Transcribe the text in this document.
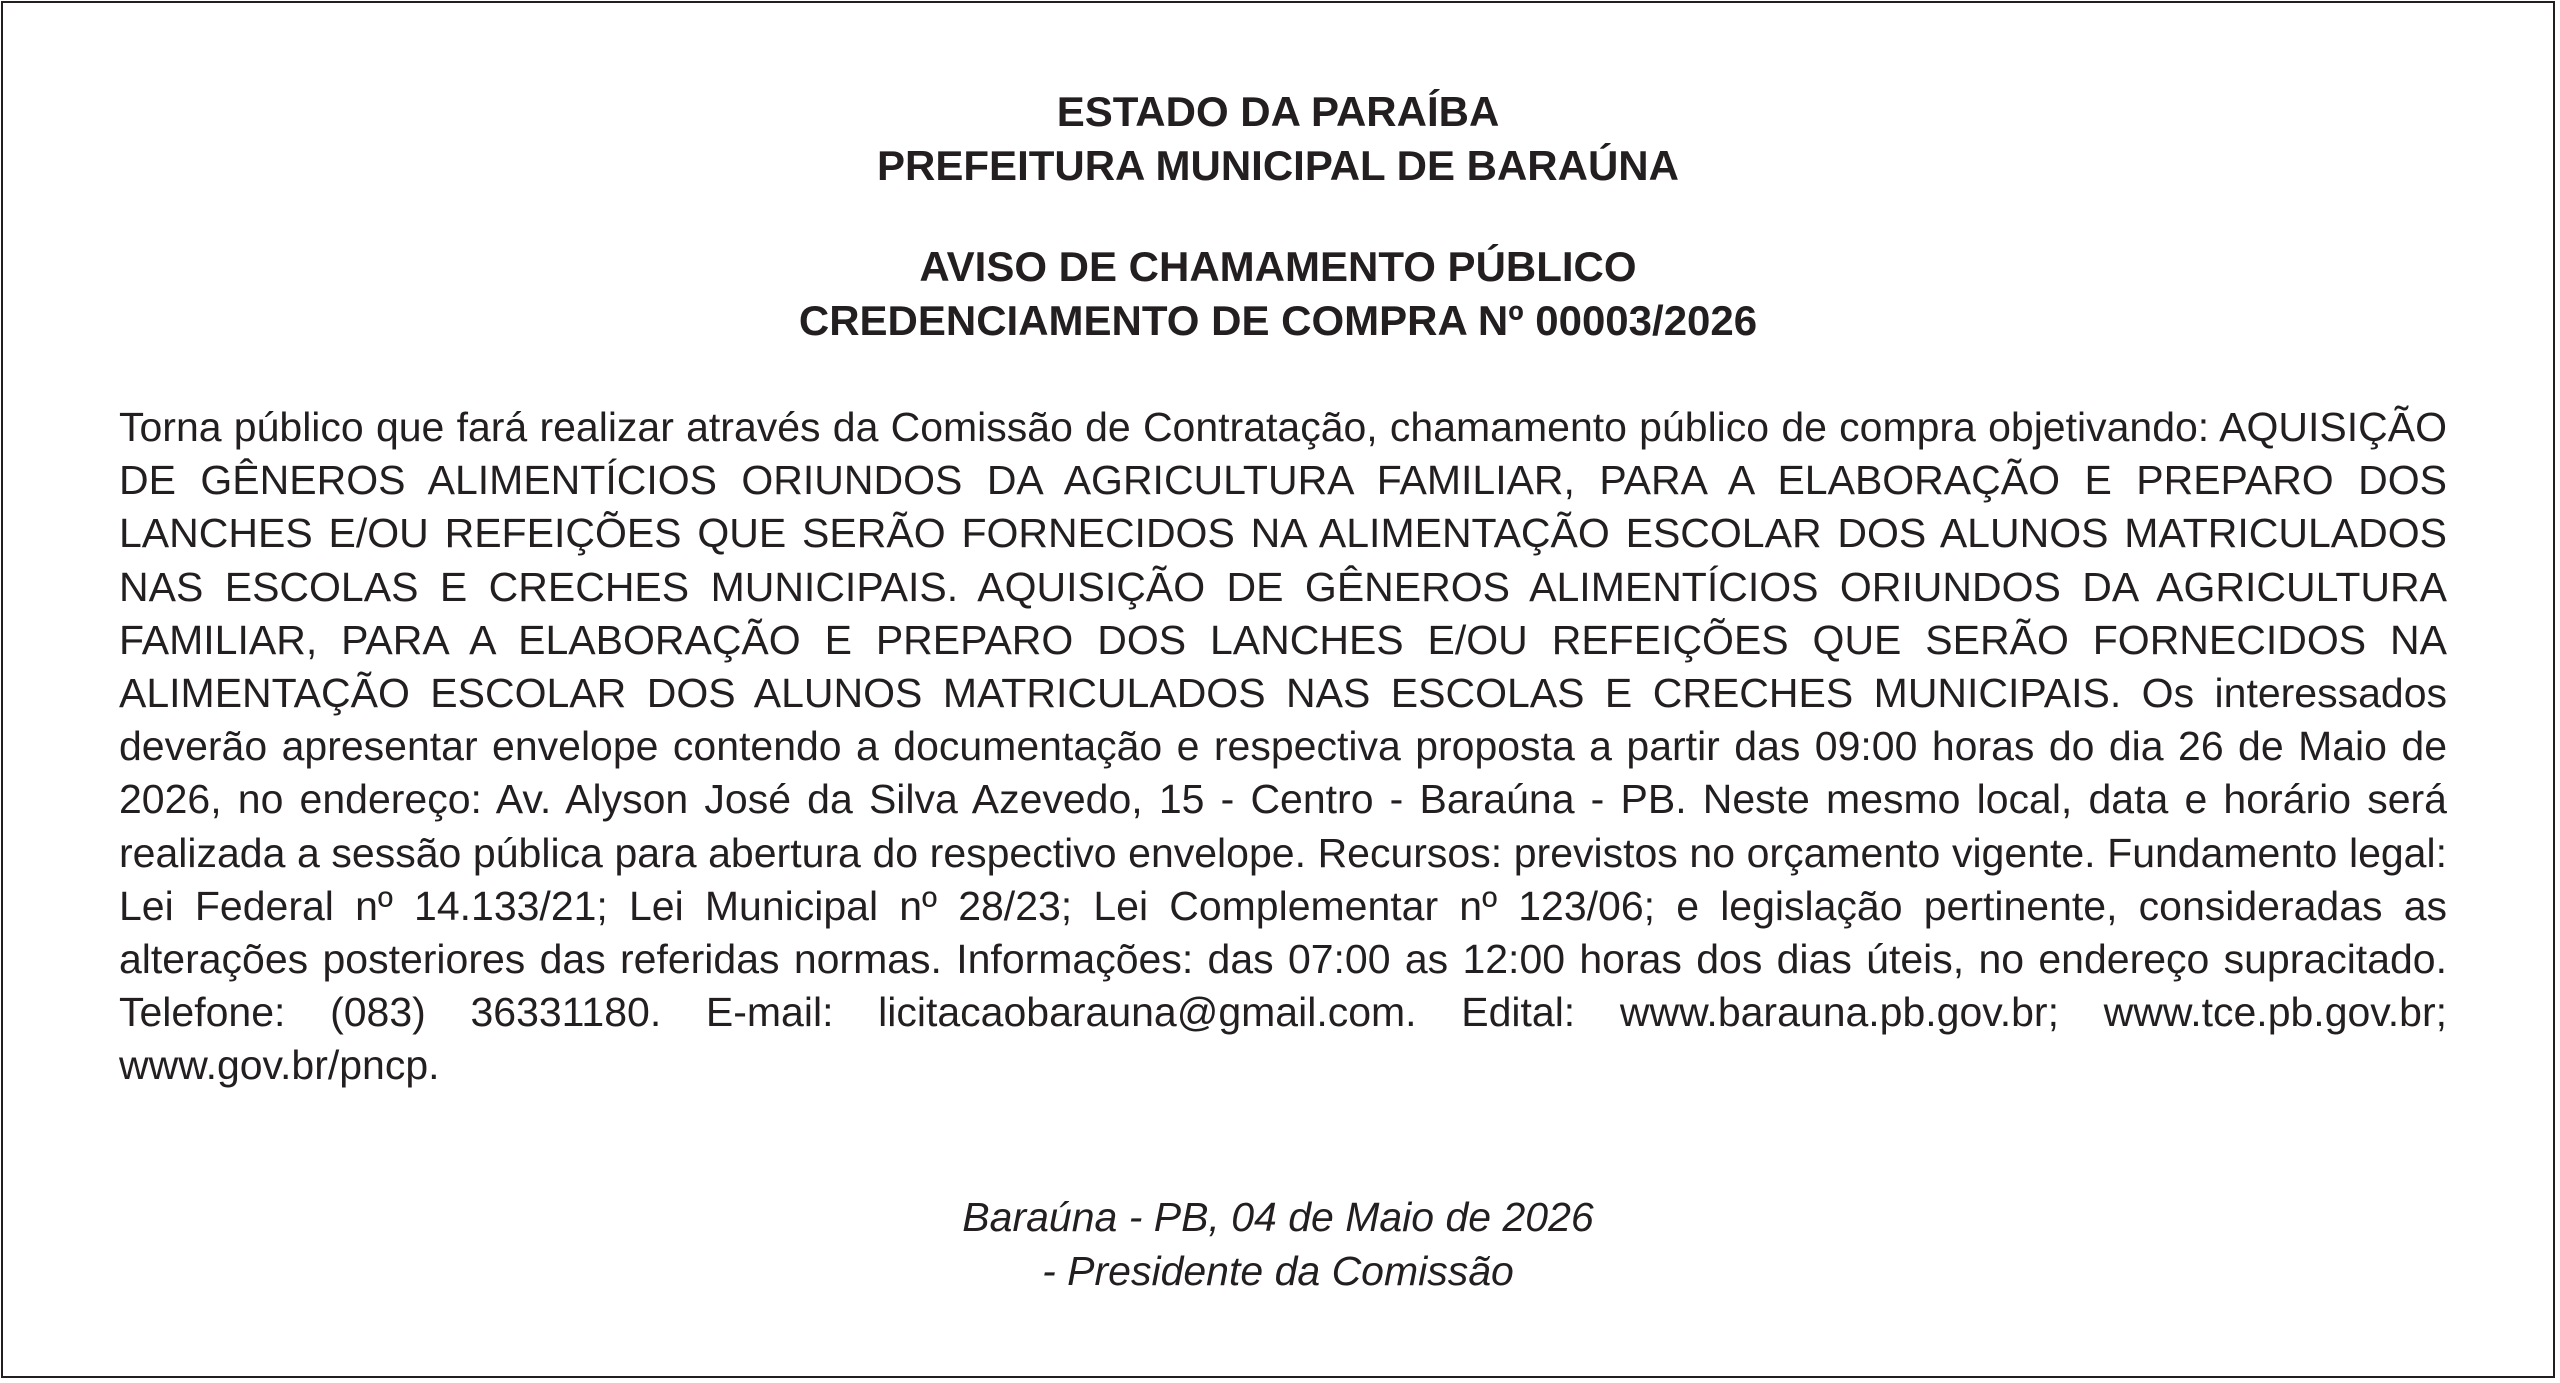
ESTADO DA PARAÍBA
PREFEITURA MUNICIPAL DE BARAÚNA
AVISO DE CHAMAMENTO PÚBLICO
CREDENCIAMENTO DE COMPRA Nº 00003/2026

Torna público que fará realizar através da Comissão de Contratação, chamamento público de compra objetivando: AQUISIÇÃO DE GÊNEROS ALIMENTÍCIOS ORIUNDOS DA AGRICULTURA FAMILIAR, PARA A ELABORAÇÃO E PREPARO DOS LANCHES E/OU REFEIÇÕES QUE SERÃO FORNECIDOS NA ALIMENTAÇÃO ESCOLAR DOS ALUNOS MATRICULADOS NAS ESCOLAS E CRECHES MUNICIPAIS. AQUISIÇÃO DE GÊNEROS ALIMENTÍCIOS ORIUNDOS DA AGRICULTURA FAMILIAR, PARA A ELABORAÇÃO E PREPARO DOS LANCHES E/OU REFEIÇÕES QUE SERÃO FORNECIDOS NA ALIMENTAÇÃO ESCOLAR DOS ALUNOS MATRICULADOS NAS ESCOLAS E CRECHES MUNICIPAIS. Os interessados deverão apresentar envelope contendo a documentação e respectiva proposta a partir das 09:00 horas do dia 26 de Maio de 2026, no endereço: Av. Alyson José da Silva Azevedo, 15 - Centro - Baraúna - PB. Neste mesmo local, data e horário será realizada a sessão pública para abertura do respectivo envelope. Recursos: previstos no orçamento vigente. Fundamento legal: Lei Federal nº 14.133/21; Lei Municipal nº 28/23; Lei Complementar nº 123/06; e legislação pertinente, consideradas as alterações posteriores das referidas normas. Informações: das 07:00 as 12:00 horas dos dias úteis, no endereço supracitado. Telefone: (083) 36331180. E-mail: licitacaobarauna@gmail.com. Edital: www.barauna.pb.gov.br; www.tce.pb.gov.br; www.gov.br/pncp.

Baraúna - PB, 04 de Maio de 2026
- Presidente da Comissão
